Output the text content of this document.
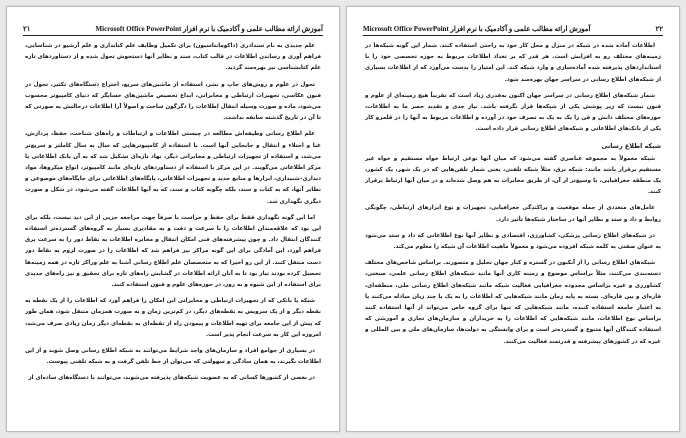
۲۱	آموزش ارائه مطالب علمی و آکادمیک با نرم افزار Microsoft Office PowerPoint

علم جدیدی به نام سندادری (داکومانتاسیون) برای تکمیل وظایف علم کتابداری و علم آرشیو در شناسایی، فراهم آوری و رساندن اطلاعات در قالب کتاب، سند و نظایر آنها دستخوش تحول شده و از دستاوردهای تازه علم کتابشناسی نیز بهره‌مند گردید.

تحول در علوم و روش‌های جاپ و نشر، استفاده از ماشین‌های سریع، اختراع دستگاه‌های تکثیر، تحول در فنون عکاسی، تجهیزات ارتباطی و مخابراتی، ابداع تخصیص ماشین‌های حسابگر که دنیای کامپیوتر محسوب می‌شود، ماده و صورت وسیله انتقال اطلاعات را دگرگون ساخت و اصولاً آرا اطلاعات درحالتش به صورتی که تا آن در تاریخ گذشته سابقه نداشت.

علم اطلاع رسانی وظیفه‌اش مطالعه در چیستی اطلاعات و ارتباطات و راه‌های شناخت، حفظ، پردازش، غنا و احتلاء و انتقال و جابجایی آنها است. با استفاده از کامپیوترهایی که سال به سال کاملتر و سریع‌تر می‌شد، و استفاده از تجهیزات ارتباطی و مخابراتی دیگر، نهاد تازه‌ای تشکیل شد که به آن بانک اطلاعاتی یا مرکز اطلاعاتی می‌گویند. در این مرکز با استفاده از دستاوردهای تازه‌ای مانند کامپیوتر، انواع میکروها، مواد دیداری–شنیداری، ابزارها و منابع جدید و تجهیزات اطلاعاتی، پایگاه‌های اطلاعاتی برای جایگاه‌های موضوعی و نظایر آنها، که به کتاب و سند، بلکه چگونه کتاب و سند، که به آنها اطلاعات گفته می‌شود، در شکل و صورت دیگری نگهداری شد.

اما این گونه نگهداری فقط برای حفظ و حراست یا صرفاً جهت مراجعه جزیی از این دید نیست، بلکه برای این بود که علاقه‌مندان اطلاعات را با سرعت و دقت و به مقادیری بسیار به گروه‌های گسترده‌تر استفاده کنندگان انتقال داد. و چون پیشرفته‌های فنی امکان انتقال و مخابره اطلاعات به نقاط دور را به سرعت برق فراهم آورد، این آمادگی برای این گونه مراکز نیز فراهم شد که اطلاعات را در صورت لزوم به نقاط دور دست منتقل کنند. از این رو اخیرا که به متخصصان علم اطلاع رسانی آشنا به علم وراکز تازه در همه زمینه‌ها تحصیل کرده بودند نیاز بود تا به آنان ارائه اطلاعات در گشایش راه‌های تازه برای تحقیق و نیز راه‌های جدیدی برای استفاده از این شیوه و به روز، در حوزه‌های علوم و فنون استفاده کنند.

شبکه یا بانکی که از تجهیزات ارتباطی و مخابراتی این امکان را فراهم آورد که اطلاعات را از یک نقطه به نقطه دیگر و از یک سرویس به نقطه‌های دیگر، در کم‌ترین زمان و به صورت همزمان منتقل شود، همان طور که پیش از این جامعه برای تهیه اطلاعات و پیمودن راه از نقطه‌ای به نقطه‌ای دیگر زمان زیادی صرف می‌شد، امروزه این کار به سرعت انجام پذیر است.

در بسیاری از جوامع افراد و سازمان‌های واجد شرایط می‌توانند به شبکه اطلاع رسانی وصل شوند و از این اطلاعات بگیرند، به همان سادگی و سهولتی که می‌توان از خط تلفن گرفت و به شبکه تلفنی پیوست.

در بعضی از کشورها کسانی که به عضویت شبکه‌های پذیرفته می‌شوند، می‌توانند با دستگاه‌های ساده‌ای از

آموزش ارائه مطالب علمی و آکادمیک با نرم افزار Microsoft Office PowerPoint	۲۲

اطلاعات آماده شده در شبکه در منزل و محل کار خود به راحتی استفاده کنند. شمار این گونه شبکه‌ها در زمینه‌های مختلف رو به افزایش است. هر قدر که بر تعداد اطلاعات مربوط به حوزه تخصصی خود را با استانداردهای پذیرفته شده آماده‌سازی و وارد شبکه کند. این امتیاز را بدست می‌آورد که از اطلاعات بسیاری از شبکه‌های اطلاع رسانی در سراسر جهان بهره‌مند شود.

شمار شبکه‌های اطلاع رسانی در سراسر جهان اکنون به‌قدری زیاد است که تقریباً هیچ زمینه‌ای از علوم و فنون نیست که زیر پوشش یکی از شبکه‌ها قرار نگرفته باشد. نیاز جدی و تقدید حصر ما به اطلاعات، حوزه‌های مختلف دانش و فن را یک به یک به تصرف خود در آورده و اطلاعات مربوط به آنها را در قلمرو کار یکی از بانک‌های اطلاعاتی و شبکه‌های اطلاع رسانی قرار داده است.

شبکه اطلاع رسانی

شبکه معمولاً به مجموعه عناصری گفته می‌شود که میان آنها نوعی ارتباط خواه مستقیم و خواه غیر مستقیم برقرار باشد مانند: شبکه برق، مثلاً شبکه تلفنی، یعنی شمار تلفن‌هایی که در یک شهر، یک کشور، یک منطقه جغرافیایی، یا وسیع‌تر از آن، از طریق مخابرات به هم وصل شده‌اند و در میان آنها ارتباط برقرار کنند.

عامل‌های متعددی از جمله موقعیت و پراکندگی جغرافیایی، تجهیزات و نوع ابزارهای ارتباطی، چگونگی روابط و داد و ستد و نظایر آنها در ساختار شبکه‌ها تأثیر دارد.

در شبکه‌های اطلاع رسانی پزشکی، کشاورزی، اقتصادی و نظایر آنها نوع اطلاعاتی که داد و ستد می‌شود به عنوان صفتی به کلمه شبکه افزوده می‌شود و معمولاً ماهیت اطلاعات آن شبکه را معلوم می‌کند.

شبکه‌های اطلاع رسانی را از آنکنون در گستره و کنار جهان تحلیل و متصورند. براساس شاخص‌های مختلف دسته‌بندی می‌کنند، مثلاً براساس موضوع و زمینه کاری آنها مانند شبکه‌های اطلاع رسانی علمی، صنعتی، کشاورزی و غیره براساس محدوده جغرافیایی فعالیت شبکه مانند شبکه‌های اطلاع رسانی ملی، منطقه‌ای، قاره‌ای و بین قاره‌ای. بسته به پایه زمان مانند شبکه‌هایی که اطلاعات را به یک یا چند زبان مبادله می‌کنند یا به اعتبار جامعه استفاده کننده، مانند شبکه‌هایی که تنها برای گروه خاص می‌تواند از آنها استفاده کنند براساس نوع اطلاعات، مانند شبکه‌هایی که اطلاعات را به خریداران و سازمان‌های تجاری و آموزشی که استفاده کنندگان آنها متنوع و گسترده‌تر است و برای وابستگی به دولت‌ها، سازمان‌های ملی و بین المللی و غیره که در کشورهای پیشرفته و قدرتمند فعالیت می‌کنند.
